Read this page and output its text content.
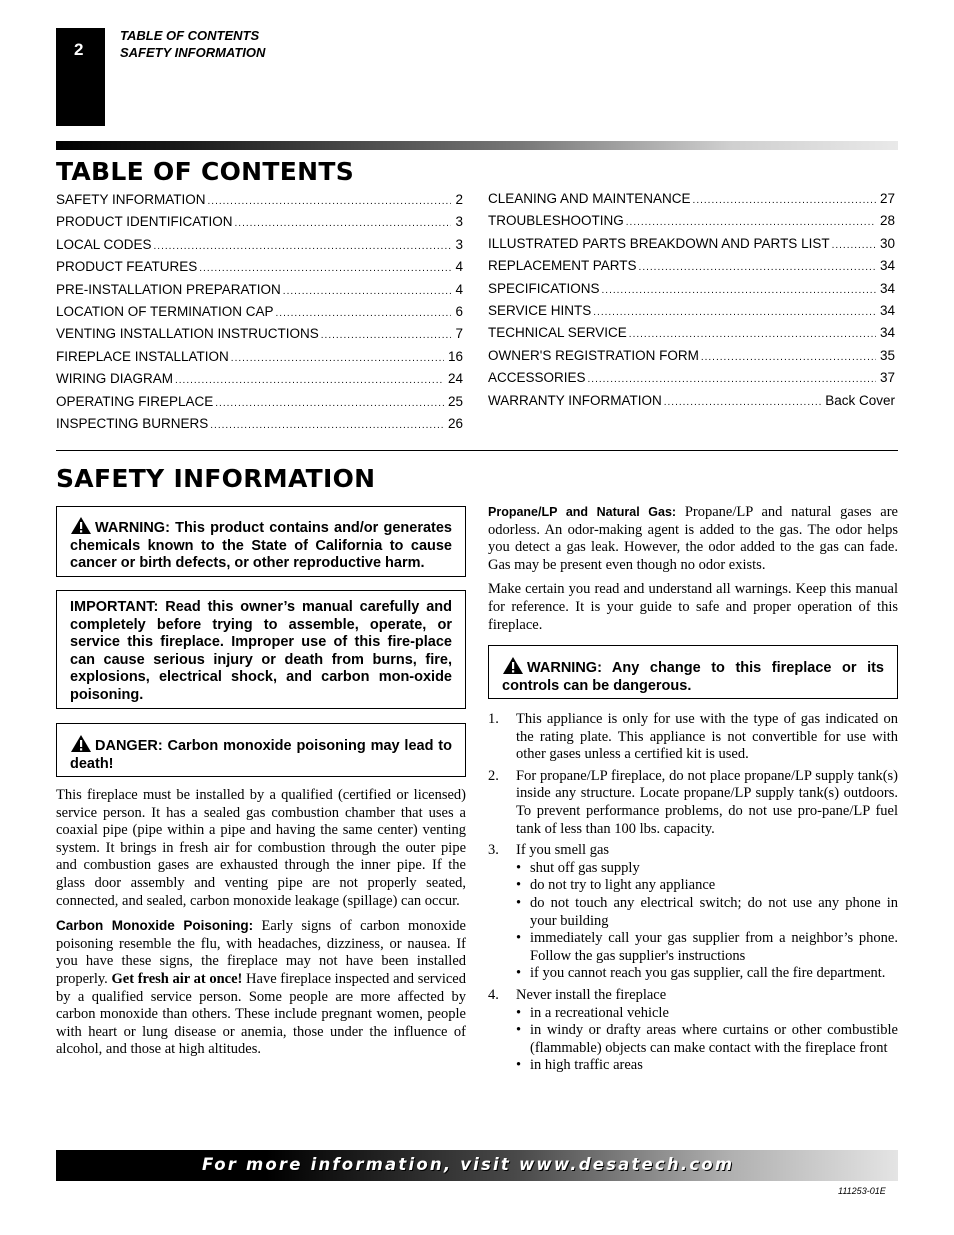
2
TABLE OF CONTENTS
SAFETY INFORMATION
TABLE OF CONTENTS
SAFETY INFORMATION .....	2
PRODUCT IDENTIFICATION .....	3
LOCAL CODES .....	3
PRODUCT FEATURES .....	4
PRE-INSTALLATION PREPARATION .....	4
LOCATION OF TERMINATION CAP .....	6
VENTING INSTALLATION INSTRUCTIONS .....	7
FIREPLACE INSTALLATION .....	16
WIRING DIAGRAM .....	24
OPERATING FIREPLACE .....	25
INSPECTING BURNERS .....	26
CLEANING AND MAINTENANCE .....	27
TROUBLESHOOTING .....	28
ILLUSTRATED PARTS BREAKDOWN AND PARTS LIST .....	30
REPLACEMENT PARTS .....	34
SPECIFICATIONS .....	34
SERVICE HINTS .....	34
TECHNICAL SERVICE .....	34
OWNER'S REGISTRATION FORM .....	35
ACCESSORIES .....	37
WARRANTY INFORMATION .....	Back Cover
SAFETY INFORMATION

WARNING: This product contains and/or generates chemicals known to the State of California to cause cancer or birth defects, or other reproductive harm.

IMPORTANT: Read this owner’s manual carefully and completely before trying to assemble, operate, or service this fireplace. Improper use of this fire-place can cause serious injury or death from burns, fire, explosions, electrical shock, and carbon mon-oxide poisoning.

DANGER: Carbon monoxide poisoning may lead to death!

This fireplace must be installed by a qualified (certified or licensed) service person. It has a sealed gas combustion chamber that uses a coaxial pipe (pipe within a pipe and having the same center) venting system. It brings in fresh air for combustion through the outer pipe and combustion gases are exhausted through the inner pipe. If the glass door assembly and venting pipe are not properly seated, connected, and sealed, carbon monoxide leakage (spillage) can occur.

Carbon Monoxide Poisoning: Early signs of carbon monoxide poisoning resemble the flu, with headaches, dizziness, or nausea. If you have these signs, the fireplace may not have been installed properly. Get fresh air at once! Have fireplace inspected and serviced by a qualified service person. Some people are more affected by carbon monoxide than others. These include pregnant women, people with heart or lung disease or anemia, those under the influence of alcohol, and those at high altitudes.

Propane/LP and Natural Gas: Propane/LP and natural gases are odorless. An odor-making agent is added to the gas. The odor helps you detect a gas leak. However, the odor added to the gas can fade. Gas may be present even though no odor exists.

Make certain you read and understand all warnings. Keep this manual for reference. It is your guide to safe and proper operation of this fireplace.

WARNING: Any change to this fireplace or its controls can be dangerous.

1.	This appliance is only for use with the type of gas indicated on the rating plate. This appliance is not convertible for use with other gases unless a certified kit is used.
2.	For propane/LP fireplace, do not place propane/LP supply tank(s) inside any structure. Locate propane/LP supply tank(s) outdoors. To prevent performance problems, do not use pro-pane/LP fuel tank of less than 100 lbs. capacity.
3.	If you smell gas
• shut off gas supply
• do not try to light any appliance
• do not touch any electrical switch; do not use any phone in your building
• immediately call your gas supplier from a neighbor’s phone. Follow the gas supplier's instructions
• if you cannot reach you gas supplier, call the fire department.
4.	Never install the fireplace
• in a recreational vehicle
• in windy or drafty areas where curtains or other combustible (flammable) objects can make contact with the fireplace front
• in high traffic areas
For more information, visit www.desatech.com
111253-01E
